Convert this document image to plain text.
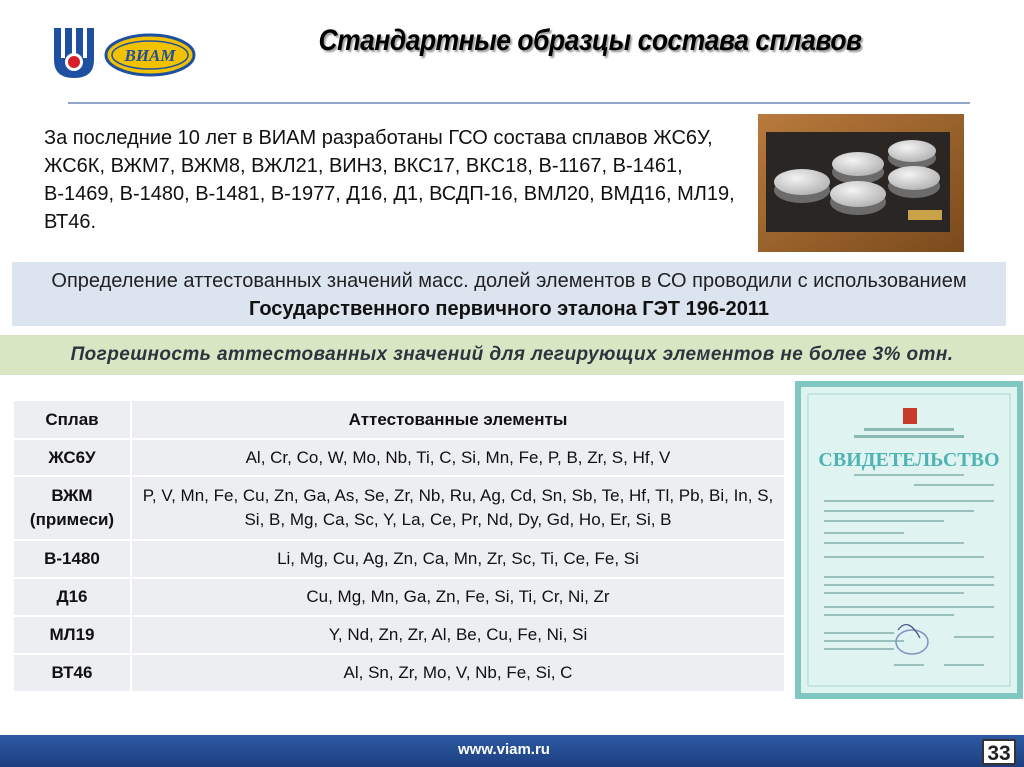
ВИАМ	Стандартные образцы состава сплавов
За последние 10 лет в ВИАМ разработаны ГСО состава сплавов ЖС6У, ЖС6К, ВЖМ7, ВЖМ8, ВЖЛ21, ВИН3, ВКС17, ВКС18, В-1167, В-1461, В-1469, В-1480, В-1481, В-1977, Д16, Д1, ВСДП-16, ВМЛ20, ВМД16, МЛ19, ВТ46.
Определение аттестованных значений масс. долей элементов в СО проводили с использованием Государственного первичного эталона ГЭТ 196-2011
Погрешность аттестованных значений для легирующих элементов не более 3% отн.
Сплав	Аттестованные элементы
ЖС6У	Al, Cr, Co, W, Mo, Nb, Ti, C, Si, Mn, Fe, P, B, Zr, S, Hf, V
ВЖМ (примеси)	P, V, Mn, Fe, Cu, Zn, Ga, As, Se, Zr, Nb, Ru, Ag, Cd, Sn, Sb, Te, Hf, Tl, Pb, Bi, In, S, Si, B, Mg, Ca, Sc, Y, La, Ce, Pr, Nd, Dy, Gd, Ho, Er, Si, B
В-1480	Li, Mg, Cu, Ag, Zn, Ca, Mn, Zr, Sc, Ti, Ce, Fe, Si
Д16	Cu, Mg, Mn, Ga, Zn, Fe, Si, Ti, Cr, Ni, Zr
МЛ19	Y, Nd, Zn, Zr, Al, Be, Cu, Fe, Ni, Si
ВТ46	Al, Sn, Zr, Mo, V, Nb, Fe, Si, C
СВИДЕТЕЛЬСТВО
www.viam.ru	33
